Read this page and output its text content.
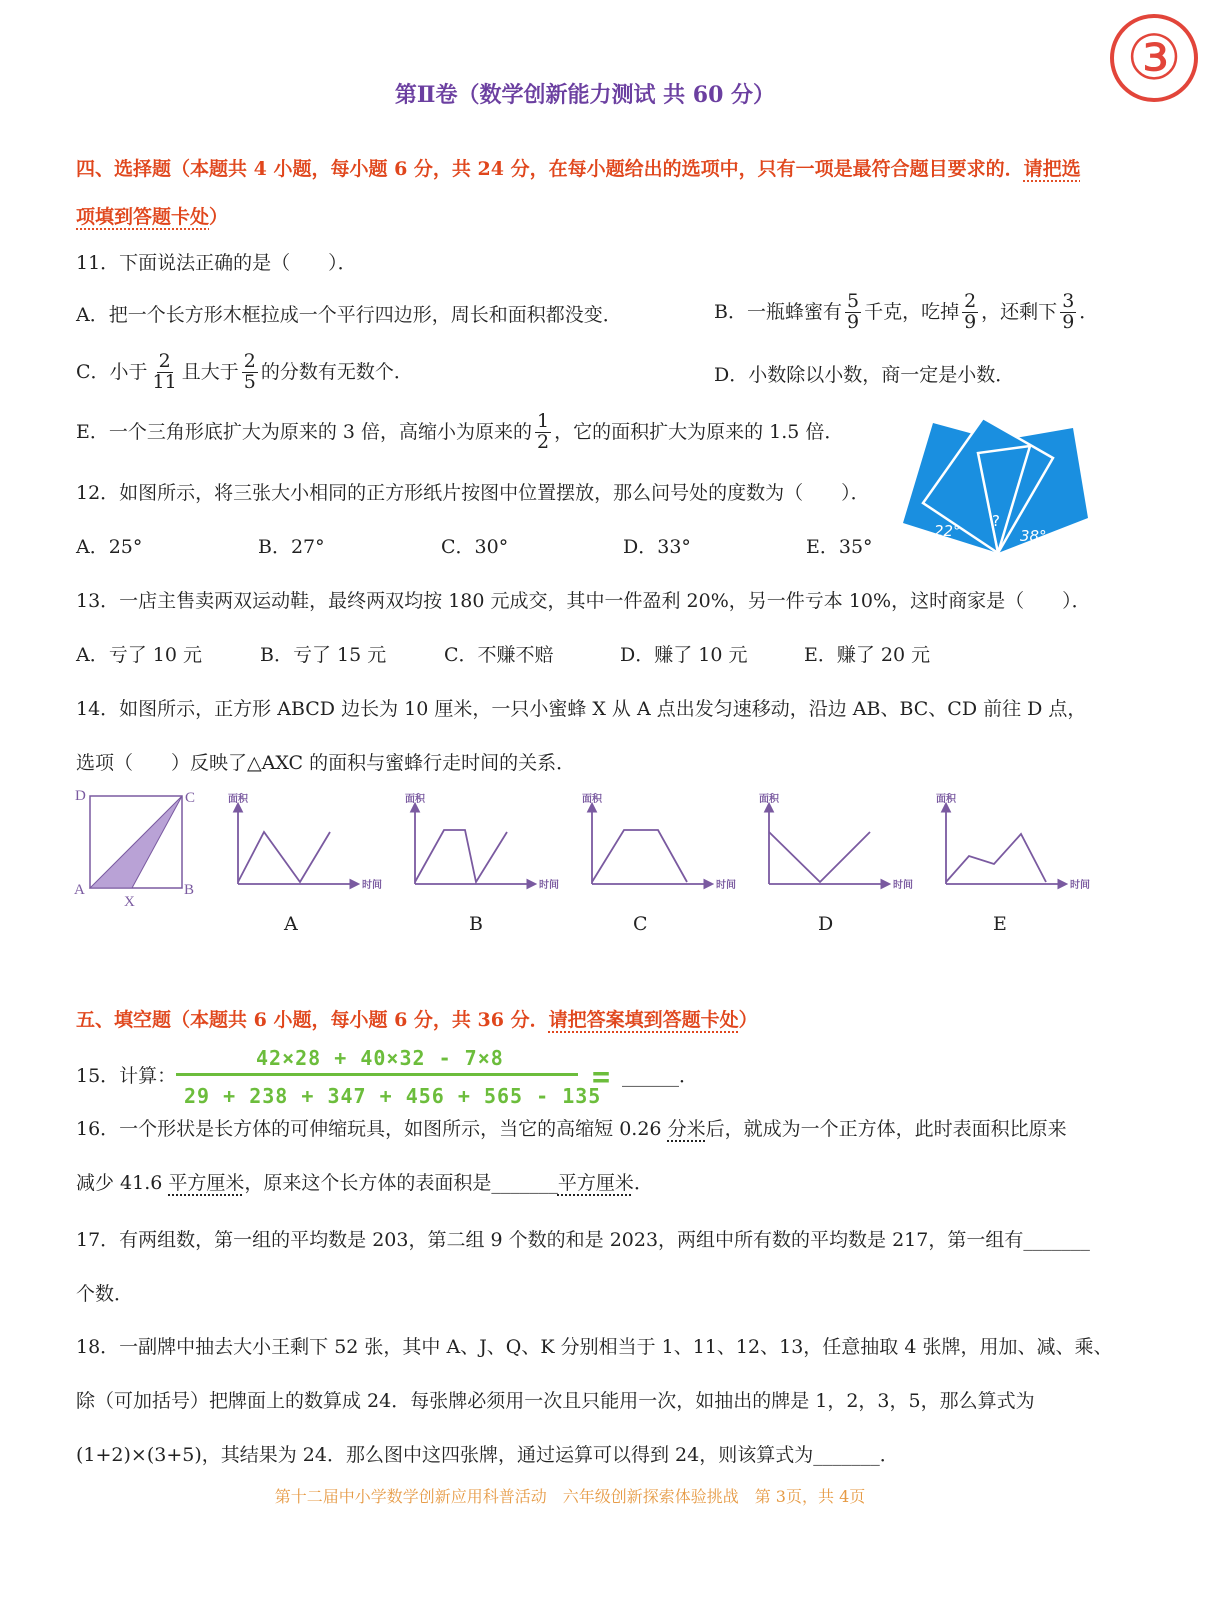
③
第Ⅱ卷（数学创新能力测试 共 60 分）
四、选择题（本题共 4 小题，每小题 6 分，共 24 分，在每小题给出的选项中，只有一项是最符合题目要求的．请把选
项填到答题卡处）
11．下面说法正确的是（　　）．
A．把一个长方形木框拉成一个平行四边形，周长和面积都没变．	B．一瓶蜂蜜有 $\frac{5}{9}$ 千克，吃掉 $\frac{2}{9}$ ，还剩下 $\frac{3}{9}$ ．
C．小于 $\frac{2}{11}$ 且大于 $\frac{2}{5}$ 的分数有无数个．	D．小数除以小数，商一定是小数．
E．一个三角形底扩大为原来的 3 倍，高缩小为原来的 $\frac{1}{2}$ ，它的面积扩大为原来的 1.5 倍．
22°	38°
?
12．如图所示，将三张大小相同的正方形纸片按图中位置摆放，那么问号处的度数为（　　）．
A．25°	B．27°	C．30°	D．33°	E．35°
13．一店主售卖两双运动鞋，最终两双均按 180 元成交，其中一件盈利 20%，另一件亏本 10%，这时商家是（　　）．
A．亏了 10 元	B．亏了 15 元	C．不赚不赔	D．赚了 10 元	E．赚了 20 元
14．如图所示，正方形 ABCD 边长为 10 厘米，一只小蜜蜂 X 从 A 点出发匀速移动，沿边 AB、BC、CD 前往 D 点，
选项（　　）反映了△AXC 的面积与蜜蜂行走时间的关系．
A	B
C
D
X
面积
时间
面积
时间
面积
时间
面积
时间
面积
时间
A	B	C	D	E
五、填空题（本题共 6 小题，每小题 6 分，共 36 分．请把答案填到答题卡处）
15．计算：
42×28 + 40×32 - 7×8
29 + 238 + 347 + 456 + 565 - 135
= ______．
16．一个形状是长方体的可伸缩玩具，如图所示，当它的高缩短 0.26 分米后，就成为一个正方体，此时表面积比原来
减少 41.6 平方厘米，原来这个长方体的表面积是_______平方厘米．
17．有两组数，第一组的平均数是 203，第二组 9 个数的和是 2023，两组中所有数的平均数是 217，第一组有_______
个数．
18．一副牌中抽去大小王剩下 52 张，其中 A、J、Q、K 分别相当于 1、11、12、13，任意抽取 4 张牌，用加、减、乘、
除（可加括号）把牌面上的数算成 24．每张牌必须用一次且只能用一次，如抽出的牌是 1，2，3，5，那么算式为
(1+2)×(3+5)，其结果为 24．那么图中这四张牌，通过运算可以得到 24，则该算式为_______．
第十二届中小学数学创新应用科普活动　六年级创新探索体验挑战　第 3页，共 4页
